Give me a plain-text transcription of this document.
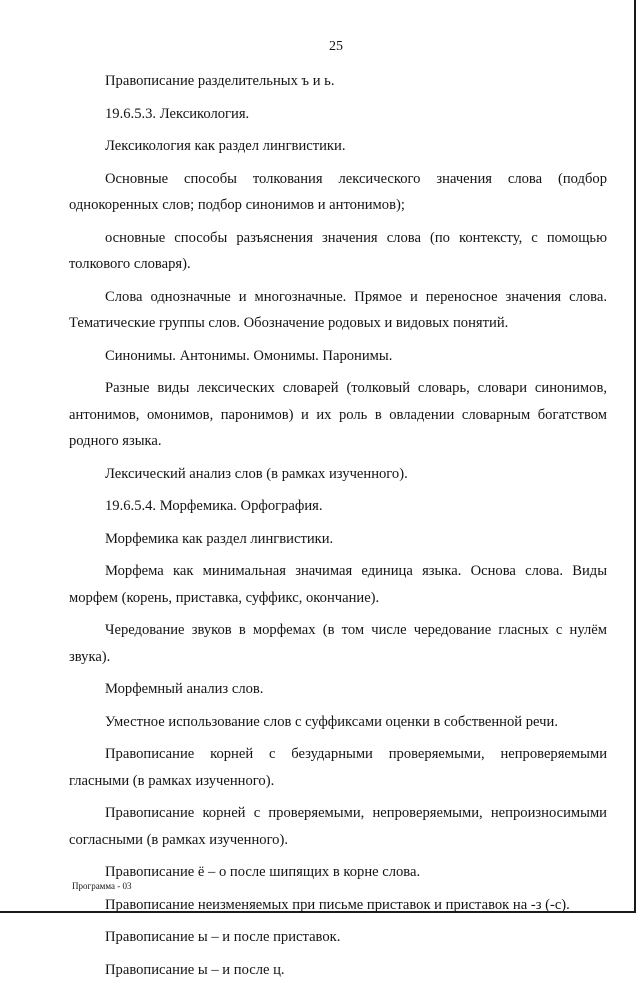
25

Правописание разделительных ъ и ь.

19.6.5.3. Лексикология.

Лексикология как раздел лингвистики.

Основные способы толкования лексического значения слова (подбор однокоренных слов; подбор синонимов и антонимов);

основные способы разъяснения значения слова (по контексту, с помощью толкового словаря).

Слова однозначные и многозначные. Прямое и переносное значения слова. Тематические группы слов. Обозначение родовых и видовых понятий.

Синонимы. Антонимы. Омонимы. Паронимы.

Разные виды лексических словарей (толковый словарь, словари синонимов, антонимов, омонимов, паронимов) и их роль в овладении словарным богатством родного языка.

Лексический анализ слов (в рамках изученного).

19.6.5.4. Морфемика. Орфография.

Морфемика как раздел лингвистики.

Морфема как минимальная значимая единица языка. Основа слова. Виды морфем (корень, приставка, суффикс, окончание).

Чередование звуков в морфемах (в том числе чередование гласных с нулём звука).

Морфемный анализ слов.

Уместное использование слов с суффиксами оценки в собственной речи.

Правописание корней с безударными проверяемыми, непроверяемыми гласными (в рамках изученного).

Правописание корней с проверяемыми, непроверяемыми, непроизносимыми согласными (в рамках изученного).

Правописание ё – о после шипящих в корне слова.

Правописание неизменяемых при письме приставок и приставок на -з (-с).

Правописание ы – и после приставок.

Правописание ы – и после ц.

Программа - 03
